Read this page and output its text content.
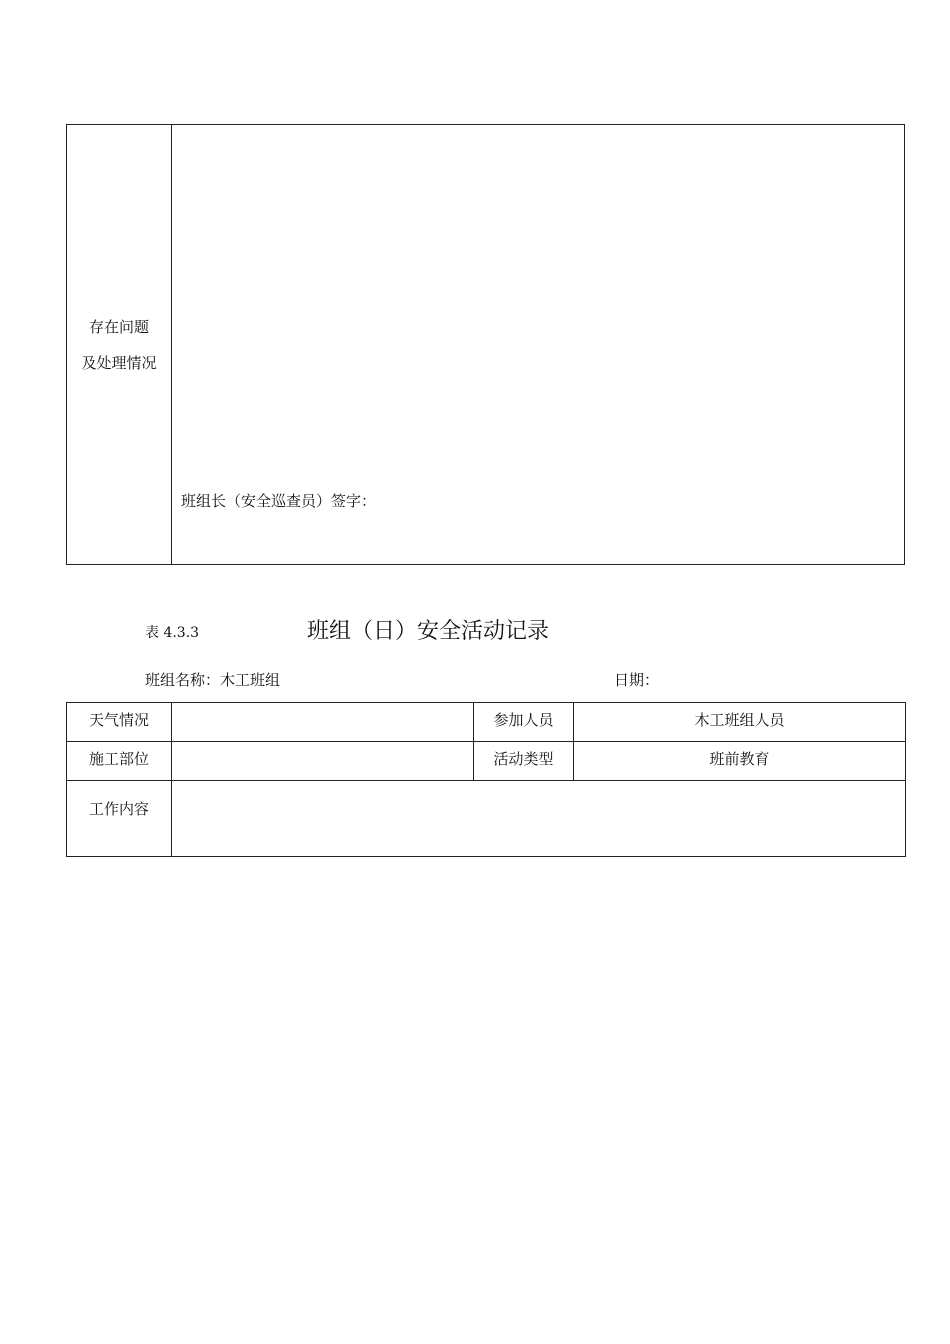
存在问题
及处理情况

班组长（安全巡查员）签字：
表 4.3.3	班组（日）安全活动记录
班组名称：木工班组	日期：
天气情况		参加人员	木工班组人员
施工部位		活动类型	班前教育
工作内容			
